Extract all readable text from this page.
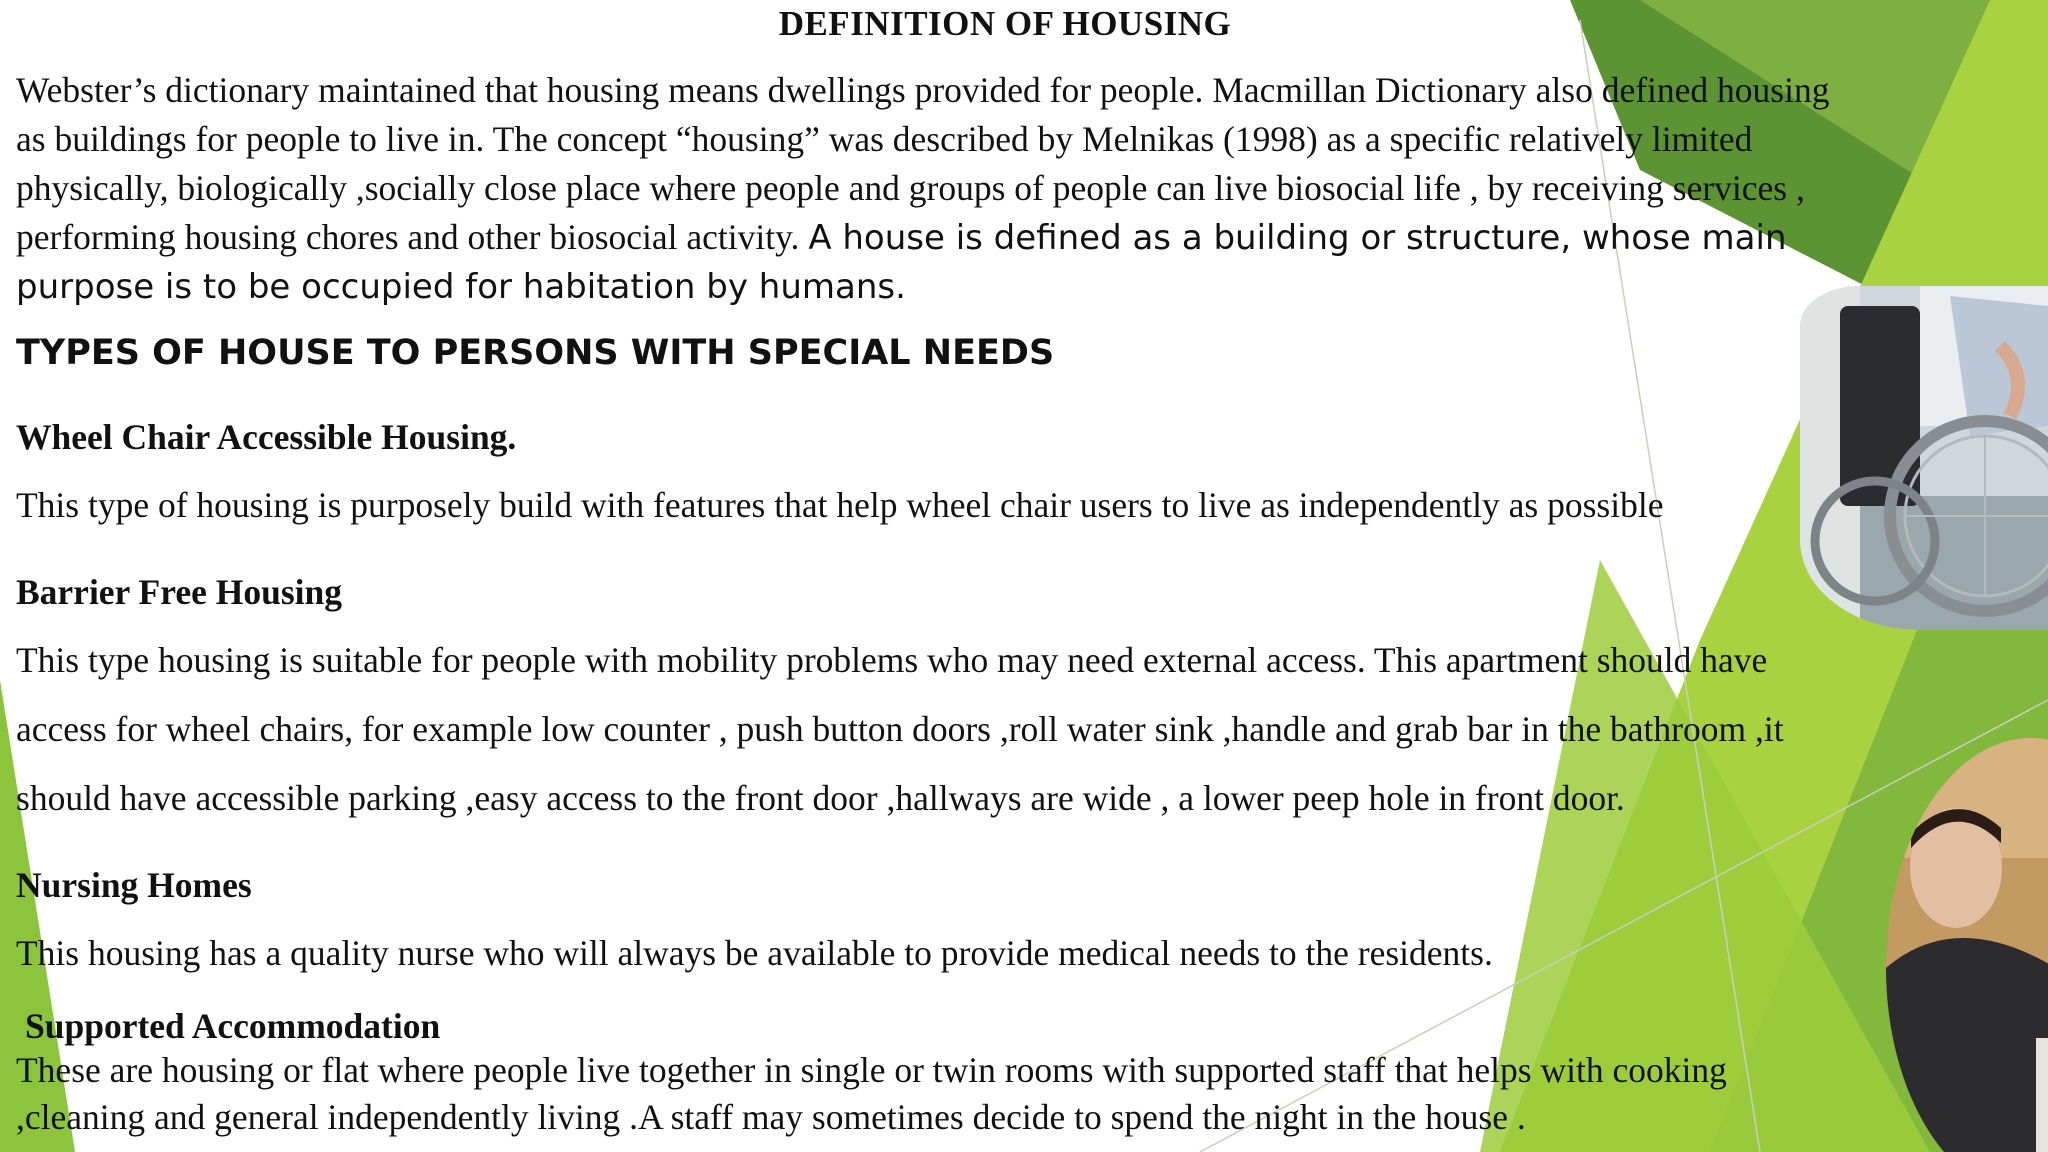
DEFINITION OF HOUSING
Webster’s dictionary maintained that housing means dwellings provided for people. Macmillan Dictionary also defined housing
as buildings for people to live in. The concept “housing” was described by Melnikas (1998) as a specific relatively limited
physically, biologically ,socially close place where people and groups of people can live biosocial life , by receiving services ,
performing housing chores and other biosocial activity. A house is defined as a building or structure, whose main
purpose is to be occupied for habitation by humans.
TYPES OF HOUSE TO PERSONS WITH SPECIAL NEEDS
Wheel Chair Accessible Housing.
This type of housing is purposely build with features that help wheel chair users to live as independently as possible
Barrier Free Housing
This type housing is suitable for people with mobility problems who may need external access. This apartment should have
access for wheel chairs, for example low counter , push button doors ,roll water sink ,handle and grab bar in the bathroom ,it
should have accessible parking ,easy access to the front door ,hallways are wide , a lower peep hole in front door.
Nursing Homes
This housing has a quality nurse who will always be available to provide medical needs to the residents.
Supported Accommodation
These are housing or flat where people live together in single or twin rooms with supported staff that helps with cooking
,cleaning and general independently living .A staff may sometimes decide to spend the night in the house .
